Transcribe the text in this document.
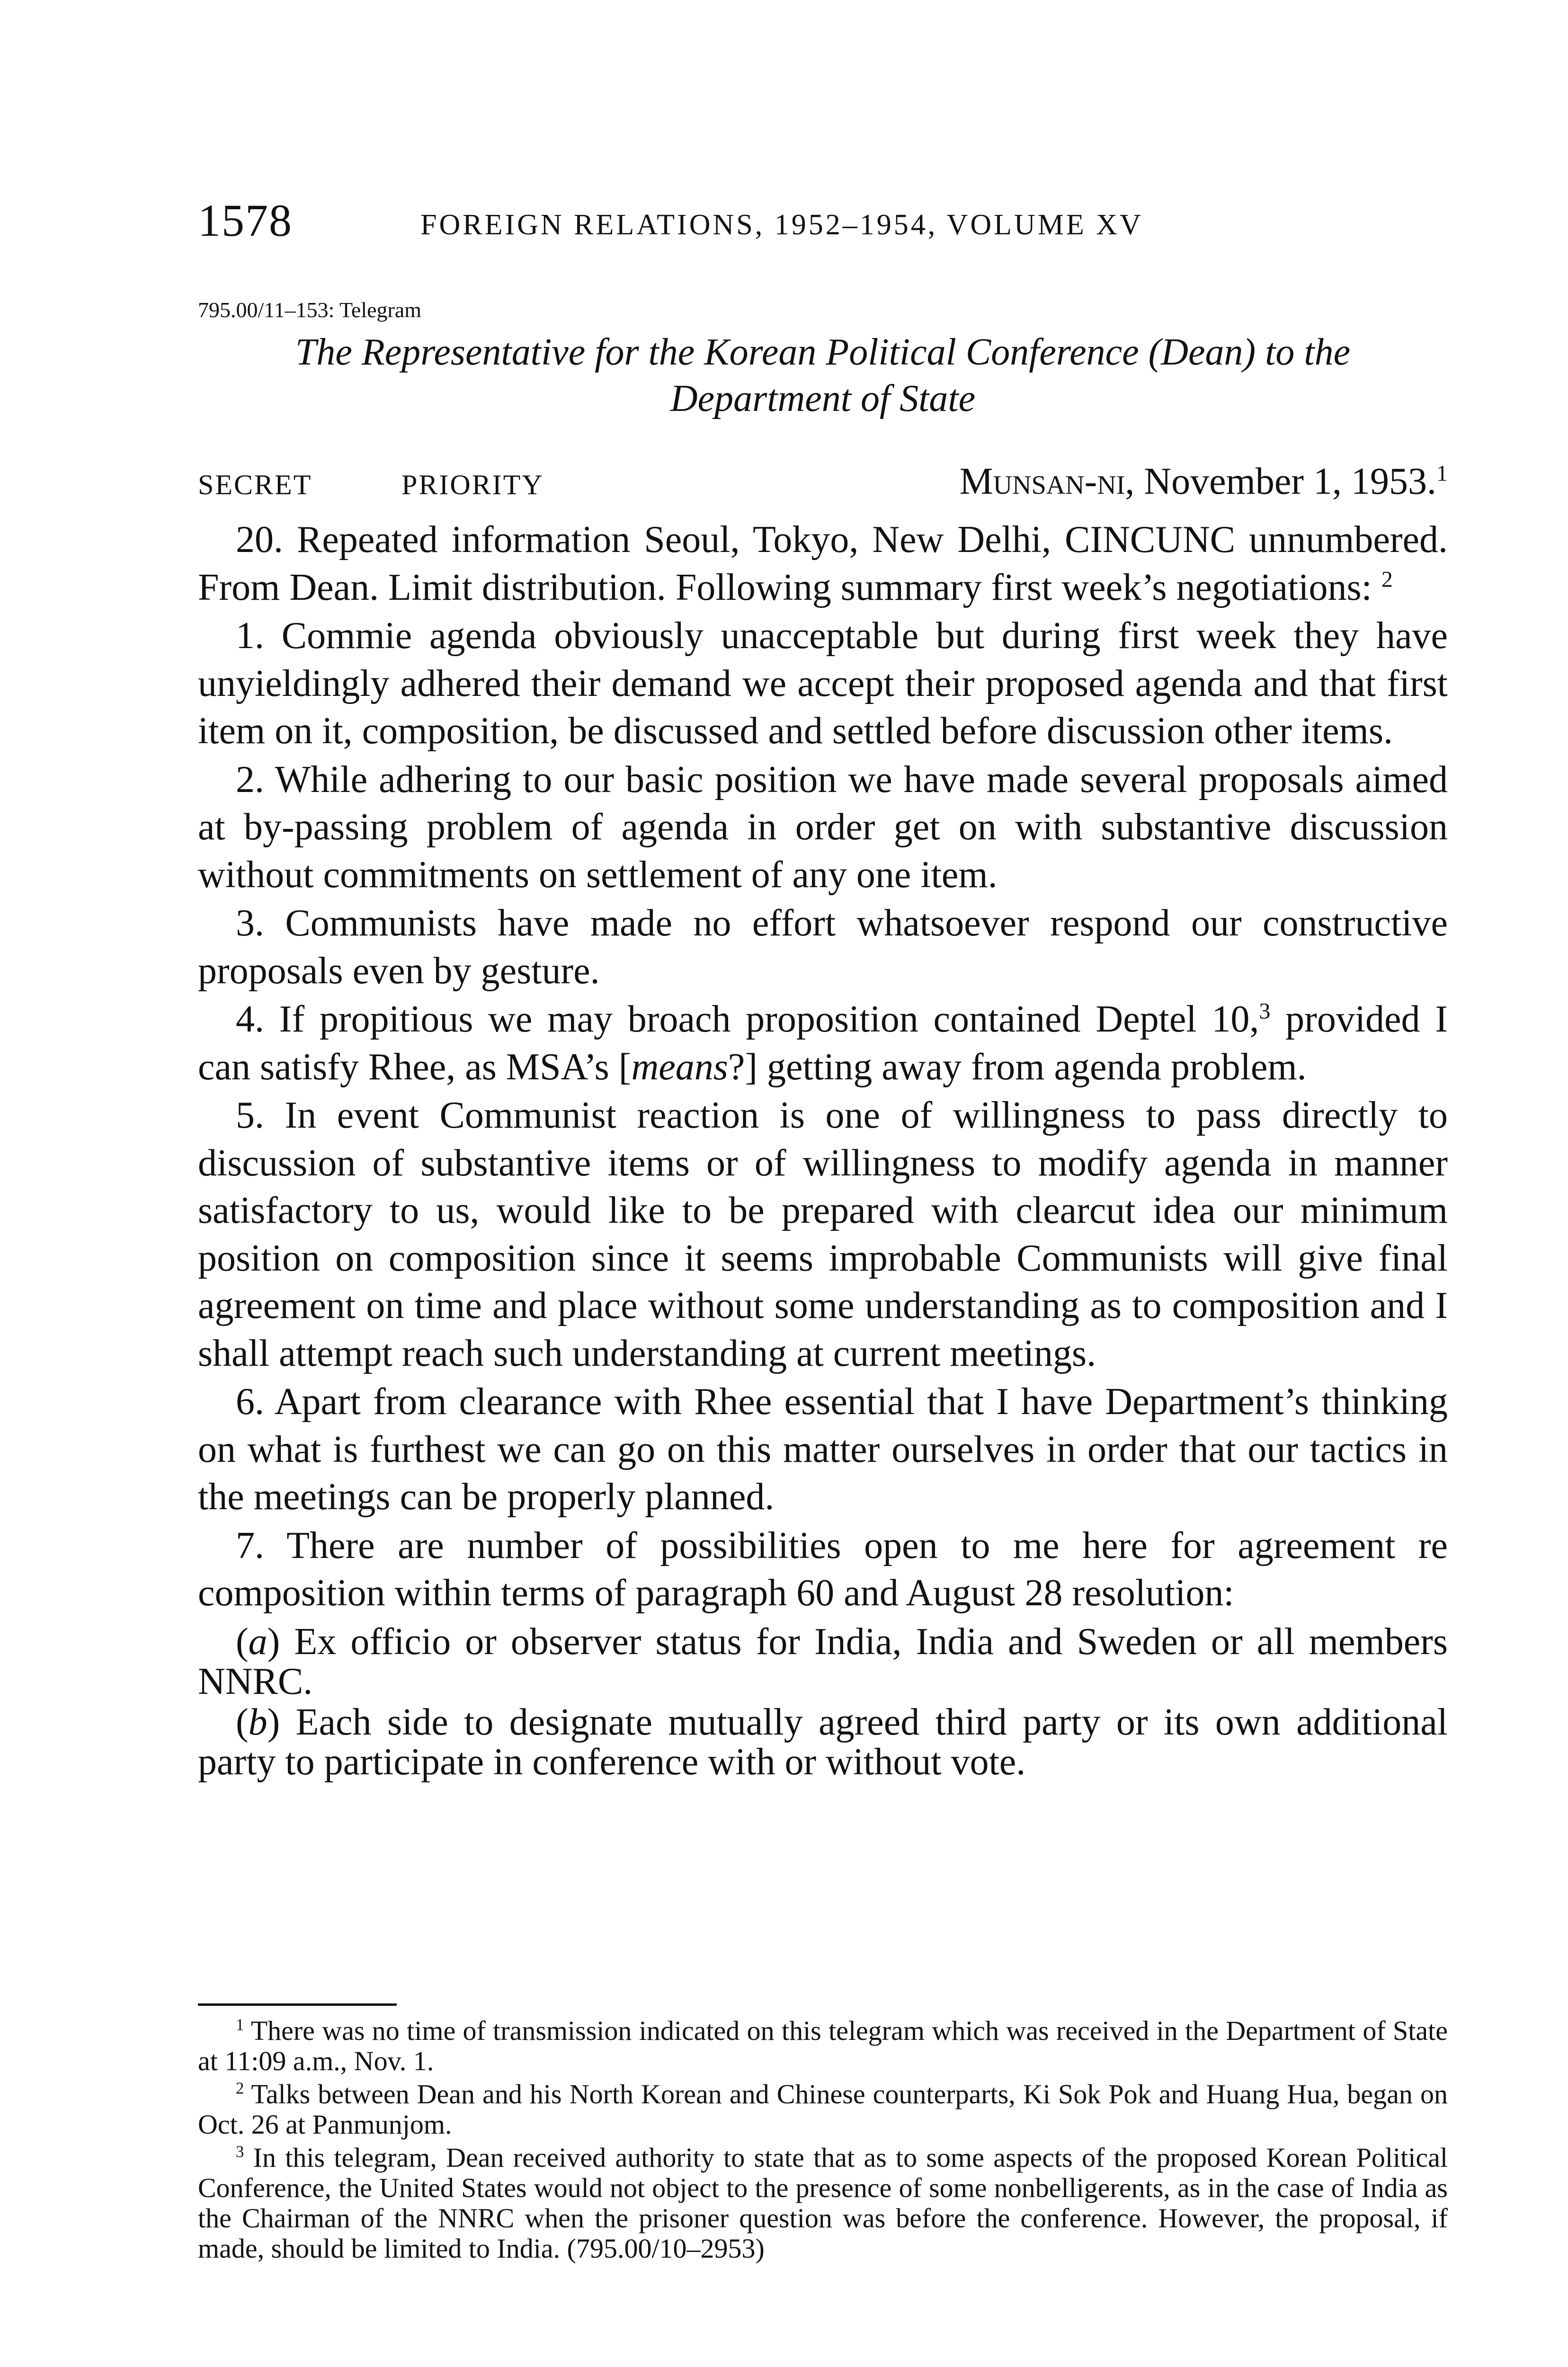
1578	FOREIGN RELATIONS, 1952–1954, VOLUME XV
795.00/11–153: Telegram
The Representative for the Korean Political Conference (Dean) to the
Department of State
SECRET	PRIORITY	Munsan-ni, November 1, 1953.$^1$

20. Repeated information Seoul, Tokyo, New Delhi, CINCUNC unnumbered. From Dean. Limit distribution. Following summary first week’s negotiations: $^2$

1. Commie agenda obviously unacceptable but during first week they have unyieldingly adhered their demand we accept their proposed agenda and that first item on it, composition, be discussed and settled before discussion other items.

2. While adhering to our basic position we have made several proposals aimed at by-passing problem of agenda in order get on with substantive discussion without commitments on settlement of any one item.

3. Communists have made no effort whatsoever respond our constructive proposals even by gesture.

4. If propitious we may broach proposition contained Deptel 10,$^3$ provided I can satisfy Rhee, as MSA’s [means?] getting away from agenda problem.

5. In event Communist reaction is one of willingness to pass directly to discussion of substantive items or of willingness to modify agenda in manner satisfactory to us, would like to be prepared with clearcut idea our minimum position on composition since it seems improbable Communists will give final agreement on time and place without some understanding as to composition and I shall attempt reach such understanding at current meetings.

6. Apart from clearance with Rhee essential that I have Department’s thinking on what is furthest we can go on this matter ourselves in order that our tactics in the meetings can be properly planned.

7. There are number of possibilities open to me here for agreement re composition within terms of paragraph 60 and August 28 resolution:

(a) Ex officio or observer status for India, India and Sweden or all members NNRC.

(b) Each side to designate mutually agreed third party or its own additional party to participate in conference with or without vote.

$^1$ There was no time of transmission indicated on this telegram which was received in the Department of State at 11:09 a.m., Nov. 1.

$^2$ Talks between Dean and his North Korean and Chinese counterparts, Ki Sok Pok and Huang Hua, began on Oct. 26 at Panmunjom.

$^3$ In this telegram, Dean received authority to state that as to some aspects of the proposed Korean Political Conference, the United States would not object to the presence of some nonbelligerents, as in the case of India as the Chairman of the NNRC when the prisoner question was before the conference. However, the proposal, if made, should be limited to India. (795.00/10–2953)
